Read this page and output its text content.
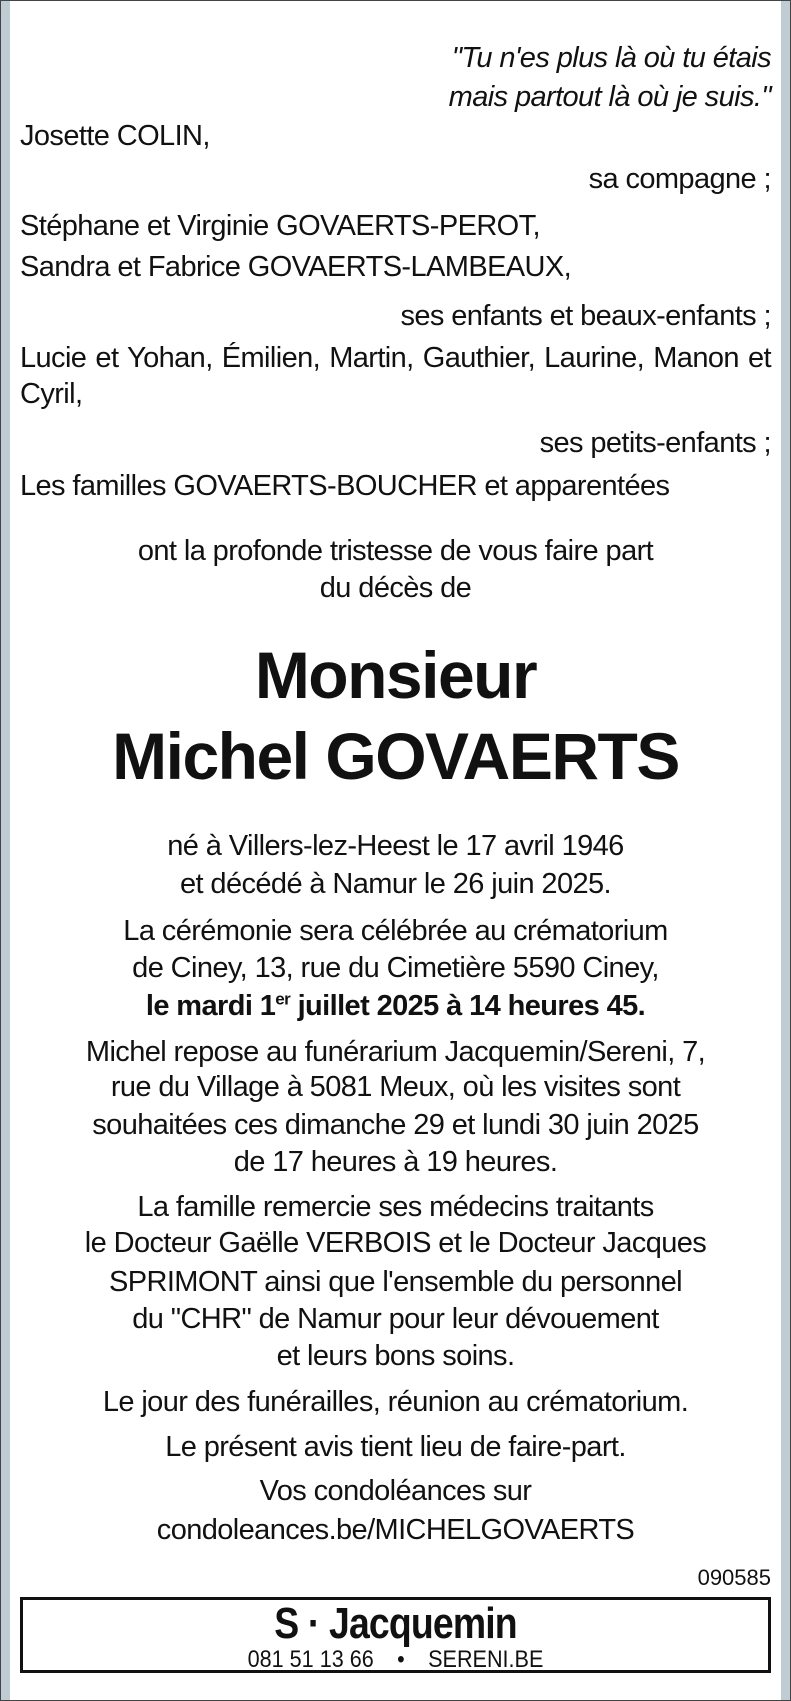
"Tu n'es plus là où tu étais
mais partout là où je suis."
Josette COLIN,
sa compagne ;
Stéphane et Virginie GOVAERTS-PEROT,
Sandra et Fabrice GOVAERTS-LAMBEAUX,
ses enfants et beaux-enfants ;
Lucie et Yohan, Émilien, Martin, Gauthier, Laurine, Manon et Cyril,
ses petits-enfants ;
Les familles GOVAERTS-BOUCHER et apparentées
ont la profonde tristesse de vous faire part
du décès de
Monsieur
Michel GOVAERTS
né à Villers-lez-Heest le 17 avril 1946
et décédé à Namur le 26 juin 2025.
La cérémonie sera célébrée au crématorium
de Ciney, 13, rue du Cimetière 5590 Ciney,
le mardi 1er juillet 2025 à 14 heures 45.
Michel repose au funérarium Jacquemin/Sereni, 7,
rue du Village à 5081 Meux, où les visites sont
souhaitées ces dimanche 29 et lundi 30 juin 2025
de 17 heures à 19 heures.
La famille remercie ses médecins traitants
le Docteur Gaëlle VERBOIS et le Docteur Jacques
SPRIMONT ainsi que l'ensemble du personnel
du "CHR" de Namur pour leur dévouement
et leurs bons soins.
Le jour des funérailles, réunion au crématorium.
Le présent avis tient lieu de faire-part.
Vos condoléances sur
condoleances.be/MICHELGOVAERTS
090585
S · Jacquemin
081 51 13 66 • SERENI.BE
